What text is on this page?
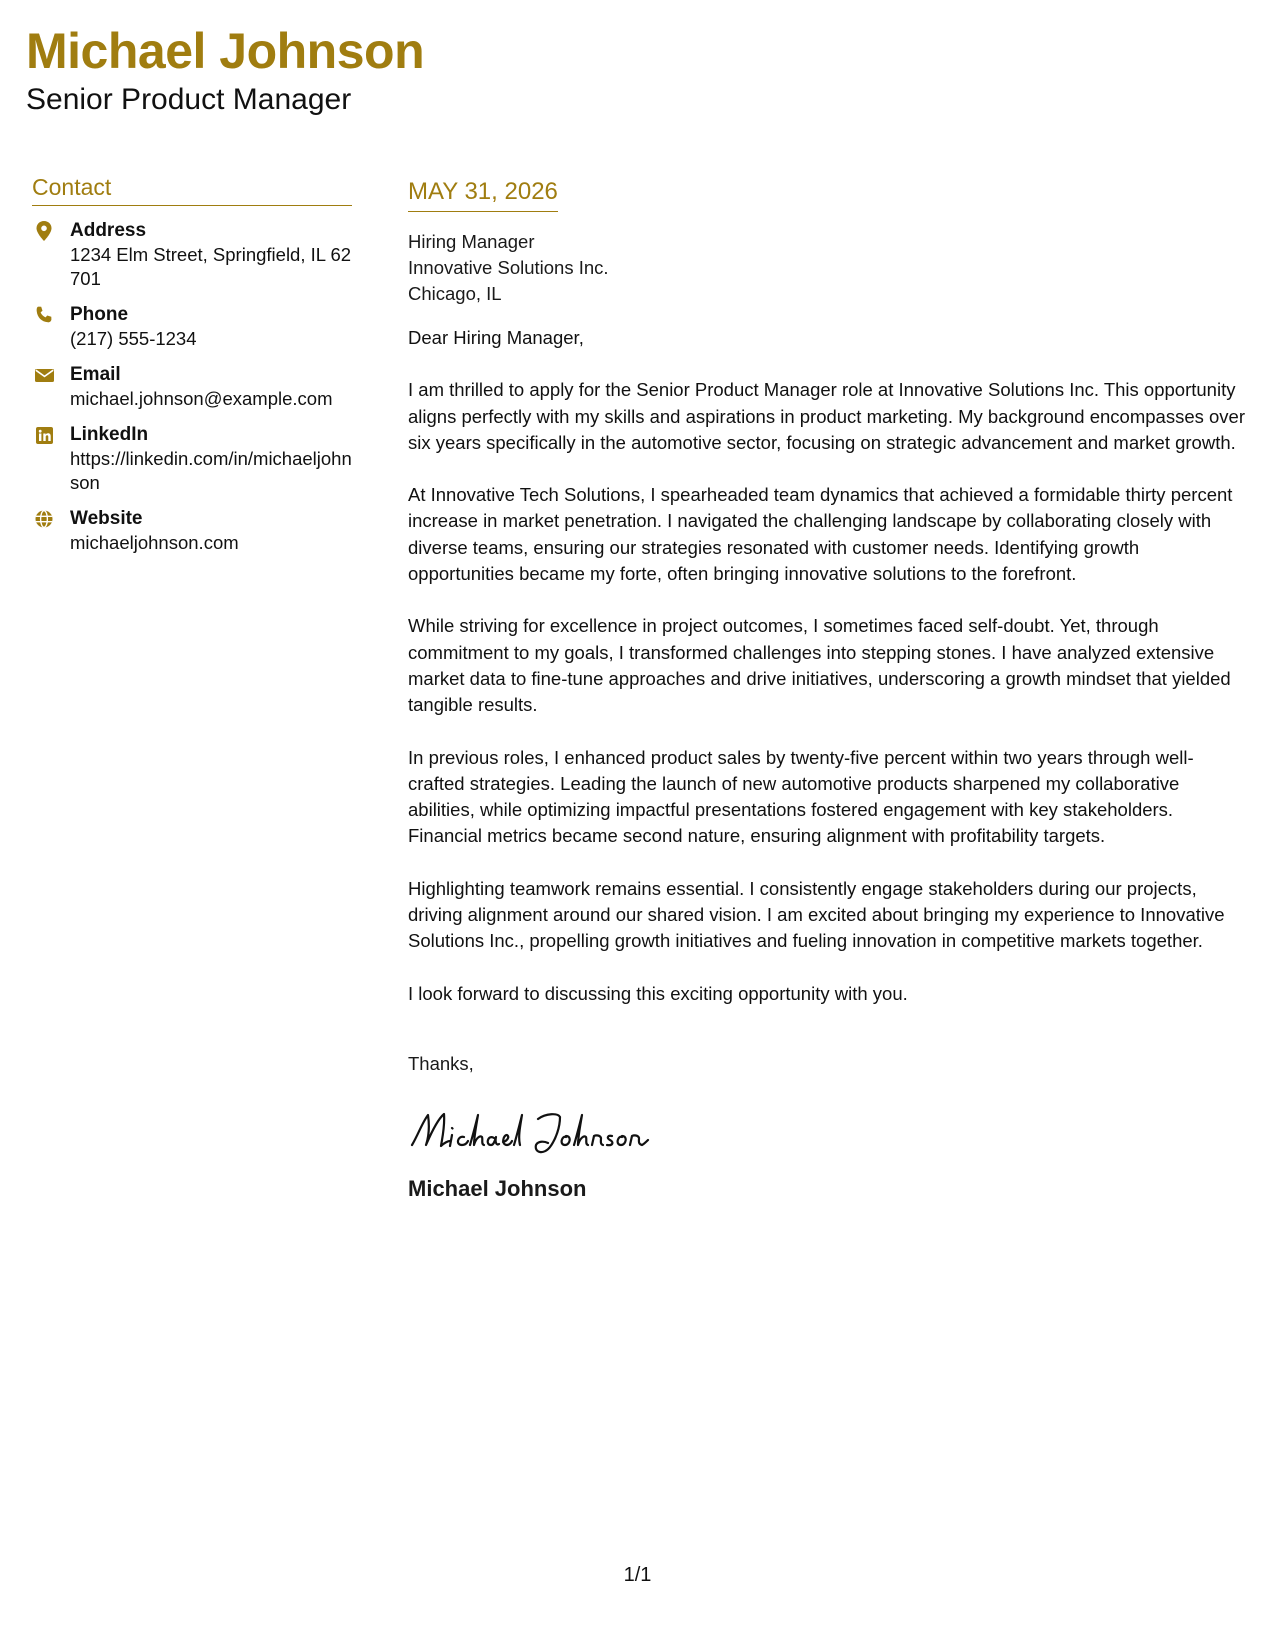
Michael Johnson
Senior Product Manager
Contact
Address
1234 Elm Street, Springfield, IL 62701
Phone
(217) 555-1234
Email
michael.johnson@example.com
LinkedIn
https://linkedin.com/in/michaeljohnson
Website
michaeljohnson.com
MAY 31, 2026
Hiring Manager
Innovative Solutions Inc.
Chicago, IL

Dear Hiring Manager,

I am thrilled to apply for the Senior Product Manager role at Innovative Solutions Inc. This opportunity aligns perfectly with my skills and aspirations in product marketing. My background encompasses over six years specifically in the automotive sector, focusing on strategic advancement and market growth.

At Innovative Tech Solutions, I spearheaded team dynamics that achieved a formidable thirty percent increase in market penetration. I navigated the challenging landscape by collaborating closely with diverse teams, ensuring our strategies resonated with customer needs. Identifying growth opportunities became my forte, often bringing innovative solutions to the forefront.

While striving for excellence in project outcomes, I sometimes faced self-doubt. Yet, through commitment to my goals, I transformed challenges into stepping stones. I have analyzed extensive market data to fine-tune approaches and drive initiatives, underscoring a growth mindset that yielded tangible results.

In previous roles, I enhanced product sales by twenty-five percent within two years through well-crafted strategies. Leading the launch of new automotive products sharpened my collaborative abilities, while optimizing impactful presentations fostered engagement with key stakeholders. Financial metrics became second nature, ensuring alignment with profitability targets.

Highlighting teamwork remains essential. I consistently engage stakeholders during our projects, driving alignment around our shared vision. I am excited about bringing my experience to Innovative Solutions Inc., propelling growth initiatives and fueling innovation in competitive markets together.

I look forward to discussing this exciting opportunity with you.

Thanks,
Michael Johnson
1/1
